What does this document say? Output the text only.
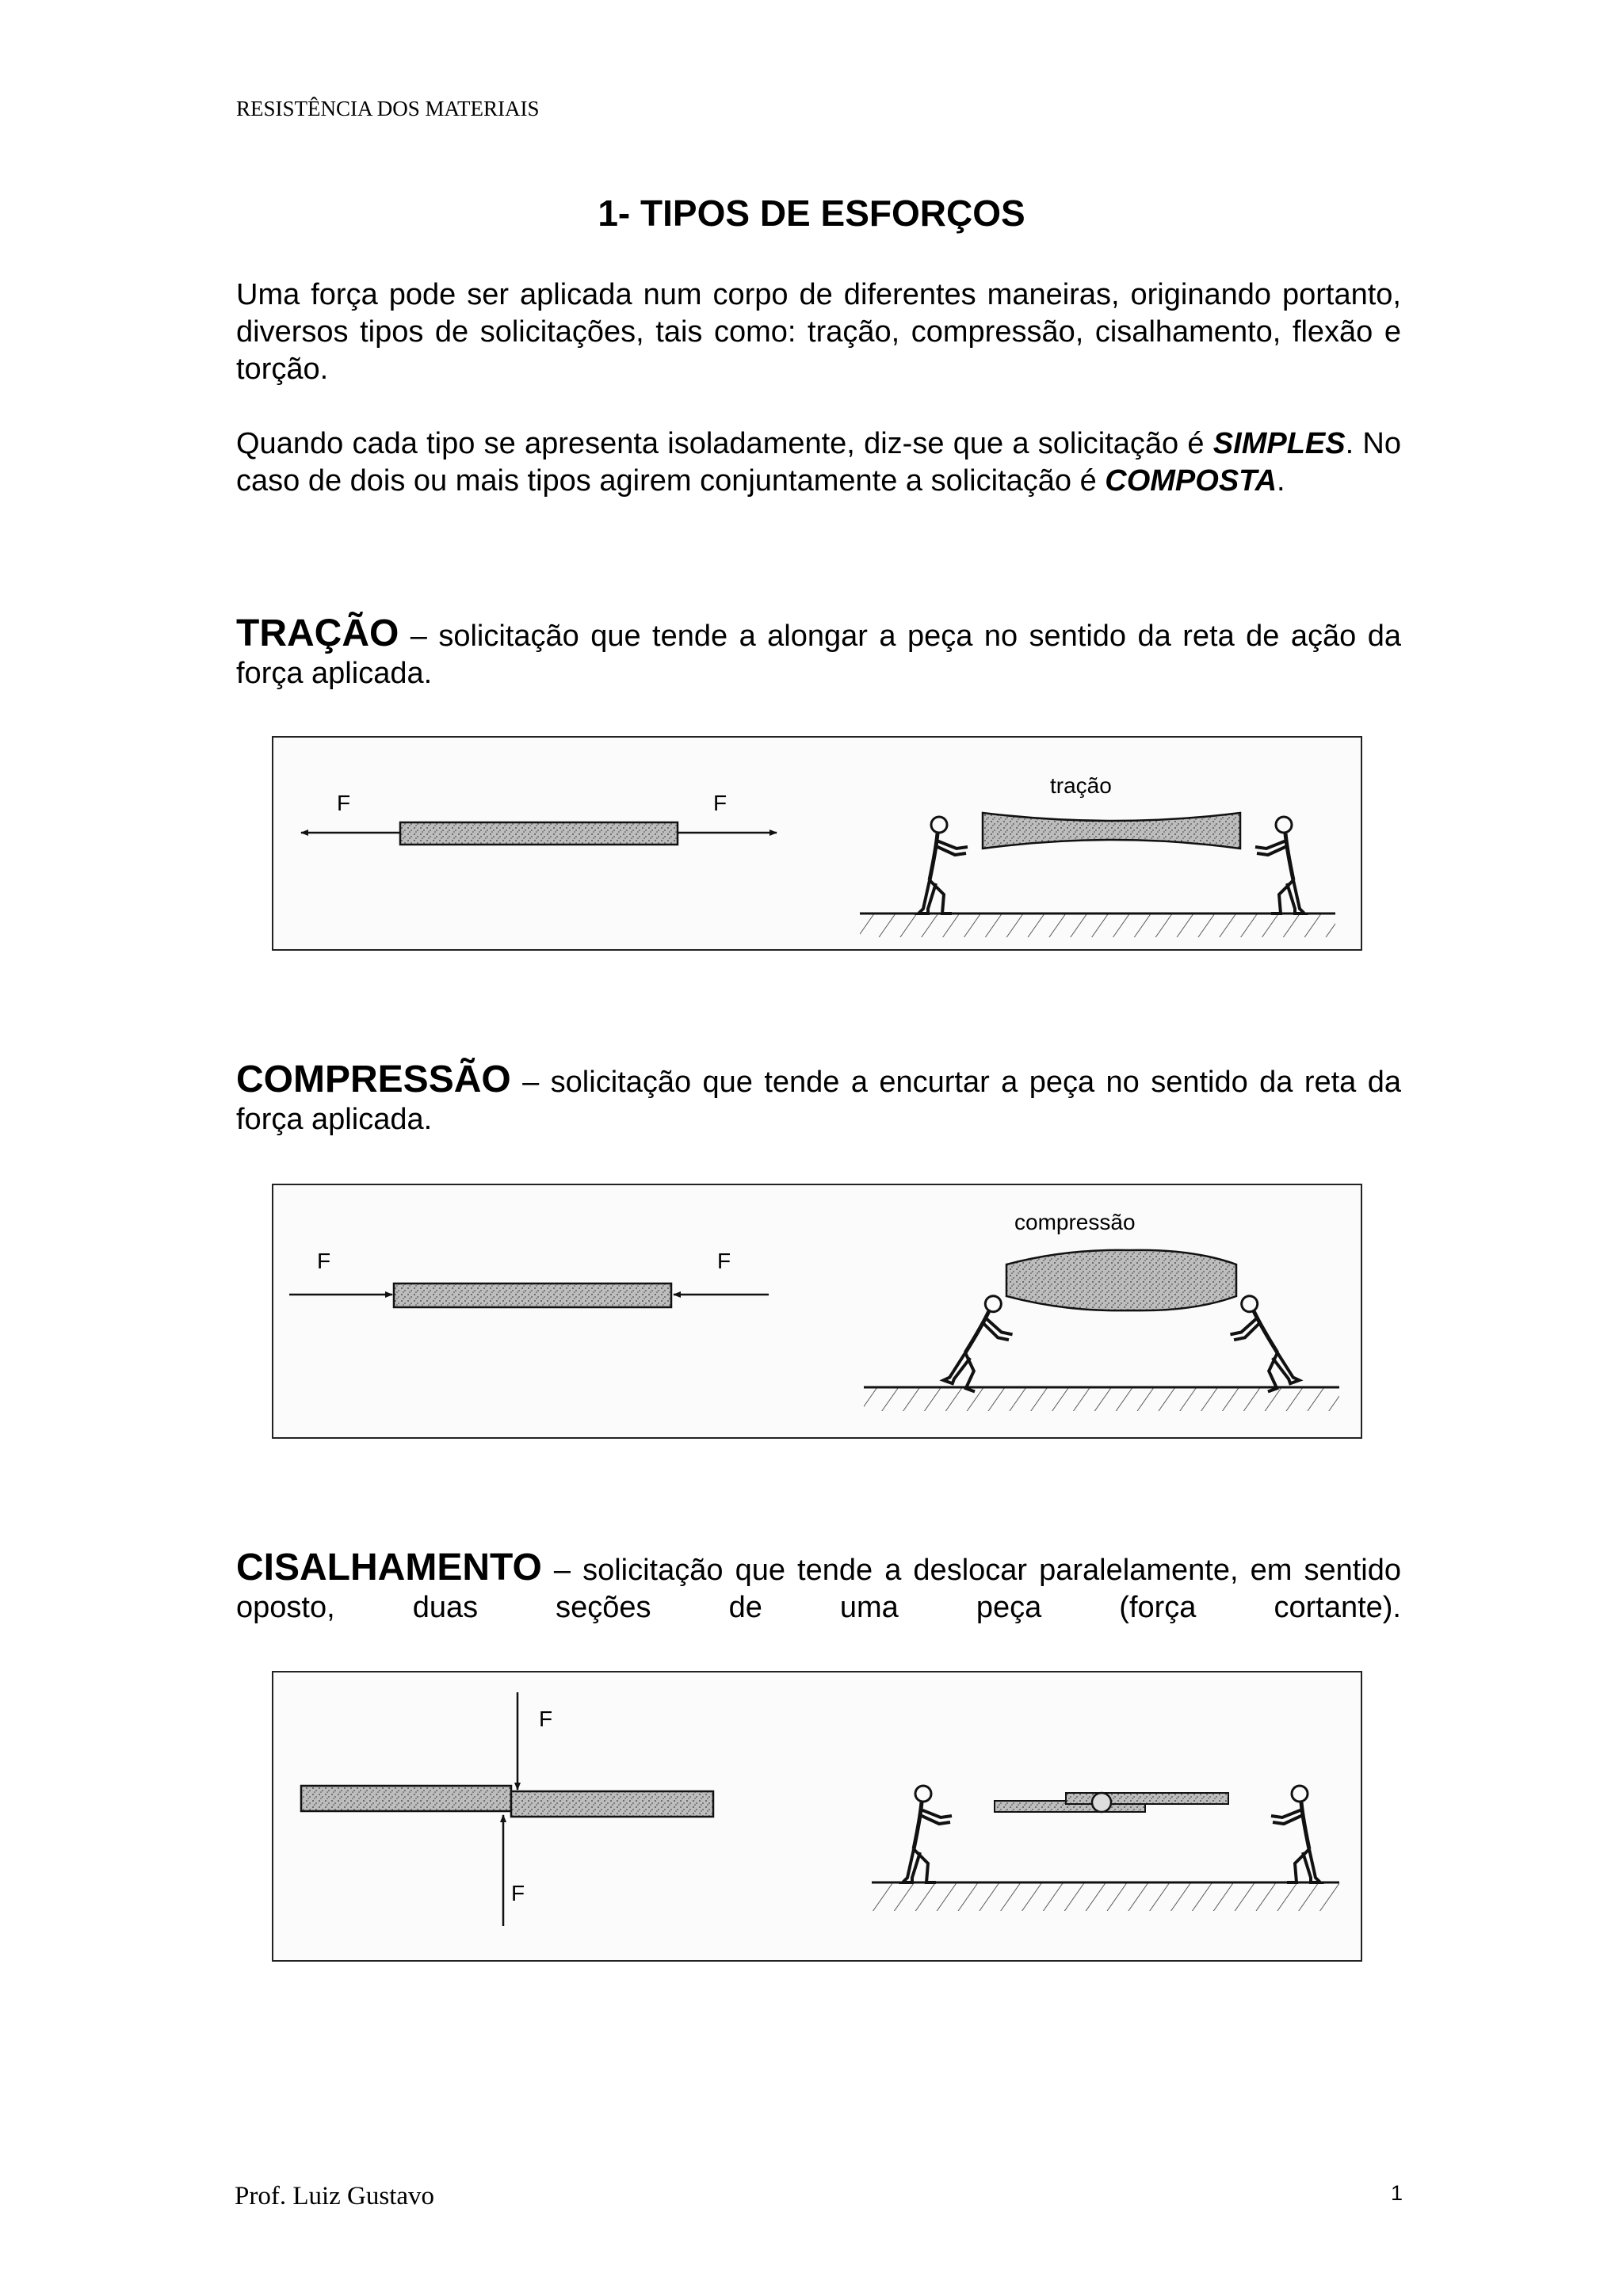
RESISTÊNCIA DOS MATERIAIS
1- TIPOS DE ESFORÇOS
Uma força pode ser aplicada num corpo de diferentes maneiras, originando portanto, diversos tipos de solicitações, tais como: tração, compressão, cisalhamento, flexão e torção.
Quando cada tipo se apresenta isoladamente, diz-se que a solicitação é SIMPLES. No caso de dois ou mais tipos agirem conjuntamente a solicitação é COMPOSTA.
TRAÇÃO – solicitação que tende a alongar a peça no sentido da reta de ação da força aplicada.
F	F
tração
COMPRESSÃO – solicitação que tende a encurtar a peça no sentido da reta da força aplicada.
F	F
compressão
CISALHAMENTO – solicitação que tende a deslocar paralelamente, em sentido oposto, duas seções de uma peça (força cortante).
F
F
Prof. Luiz Gustavo	1
